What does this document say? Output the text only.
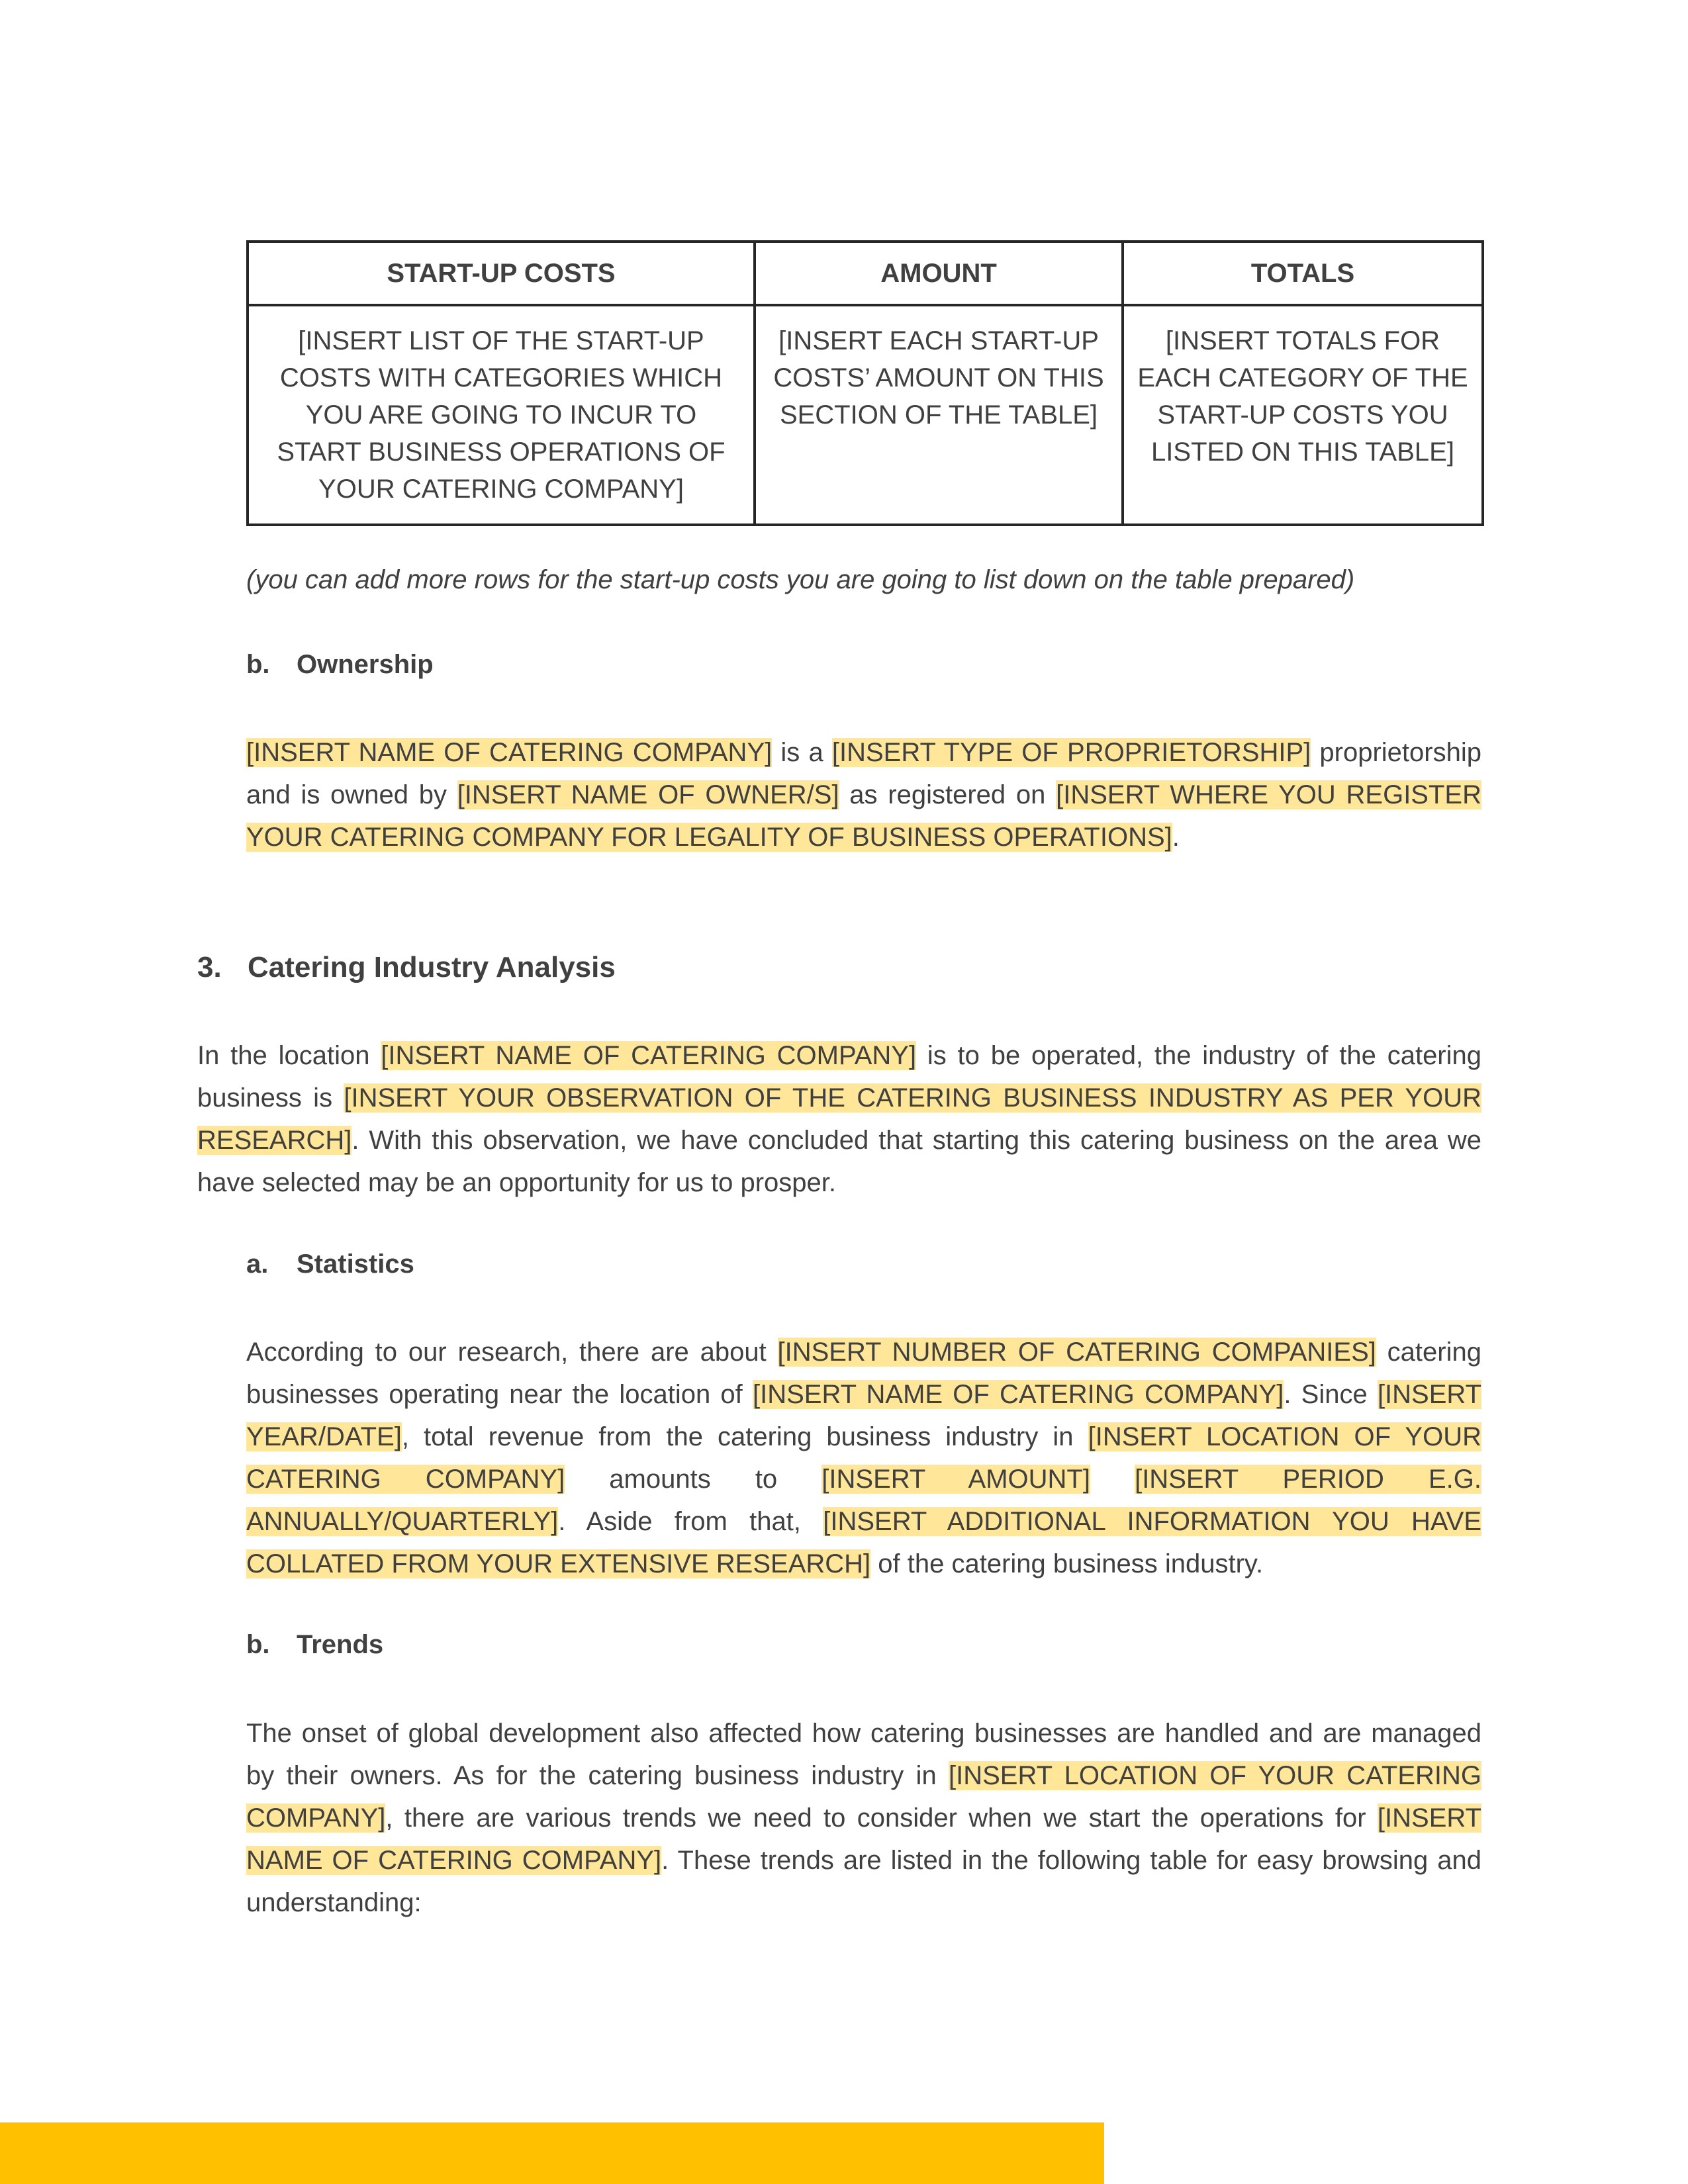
START-UP COSTS	AMOUNT	TOTALS
[INSERT LIST OF THE START-UP COSTS WITH CATEGORIES WHICH YOU ARE GOING TO INCUR TO START BUSINESS OPERATIONS OF YOUR CATERING COMPANY]	[INSERT EACH START-UP COSTS’ AMOUNT ON THIS SECTION OF THE TABLE]	[INSERT TOTALS FOR EACH CATEGORY OF THE START-UP COSTS YOU LISTED ON THIS TABLE]
(you can add more rows for the start-up costs you are going to list down on the table prepared)
b. Ownership

[INSERT NAME OF CATERING COMPANY] is a [INSERT TYPE OF PROPRIETORSHIP] proprietorship and is owned by [INSERT NAME OF OWNER/S] as registered on [INSERT WHERE YOU REGISTER YOUR CATERING COMPANY FOR LEGALITY OF BUSINESS OPERATIONS].

3. Catering Industry Analysis

In the location [INSERT NAME OF CATERING COMPANY] is to be operated, the industry of the catering business is [INSERT YOUR OBSERVATION OF THE CATERING BUSINESS INDUSTRY AS PER YOUR RESEARCH]. With this observation, we have concluded that starting this catering business on the area we have selected may be an opportunity for us to prosper.

a. Statistics

According to our research, there are about [INSERT NUMBER OF CATERING COMPANIES] catering businesses operating near the location of [INSERT NAME OF CATERING COMPANY]. Since [INSERT YEAR/DATE], total revenue from the catering business industry in [INSERT LOCATION OF YOUR CATERING COMPANY] amounts to [INSERT AMOUNT] [INSERT PERIOD E.G. ANNUALLY/QUARTERLY]. Aside from that, [INSERT ADDITIONAL INFORMATION YOU HAVE COLLATED FROM YOUR EXTENSIVE RESEARCH] of the catering business industry.

b. Trends

The onset of global development also affected how catering businesses are handled and are managed by their owners. As for the catering business industry in [INSERT LOCATION OF YOUR CATERING COMPANY], there are various trends we need to consider when we start the operations for [INSERT NAME OF CATERING COMPANY]. These trends are listed in the following table for easy browsing and understanding:
